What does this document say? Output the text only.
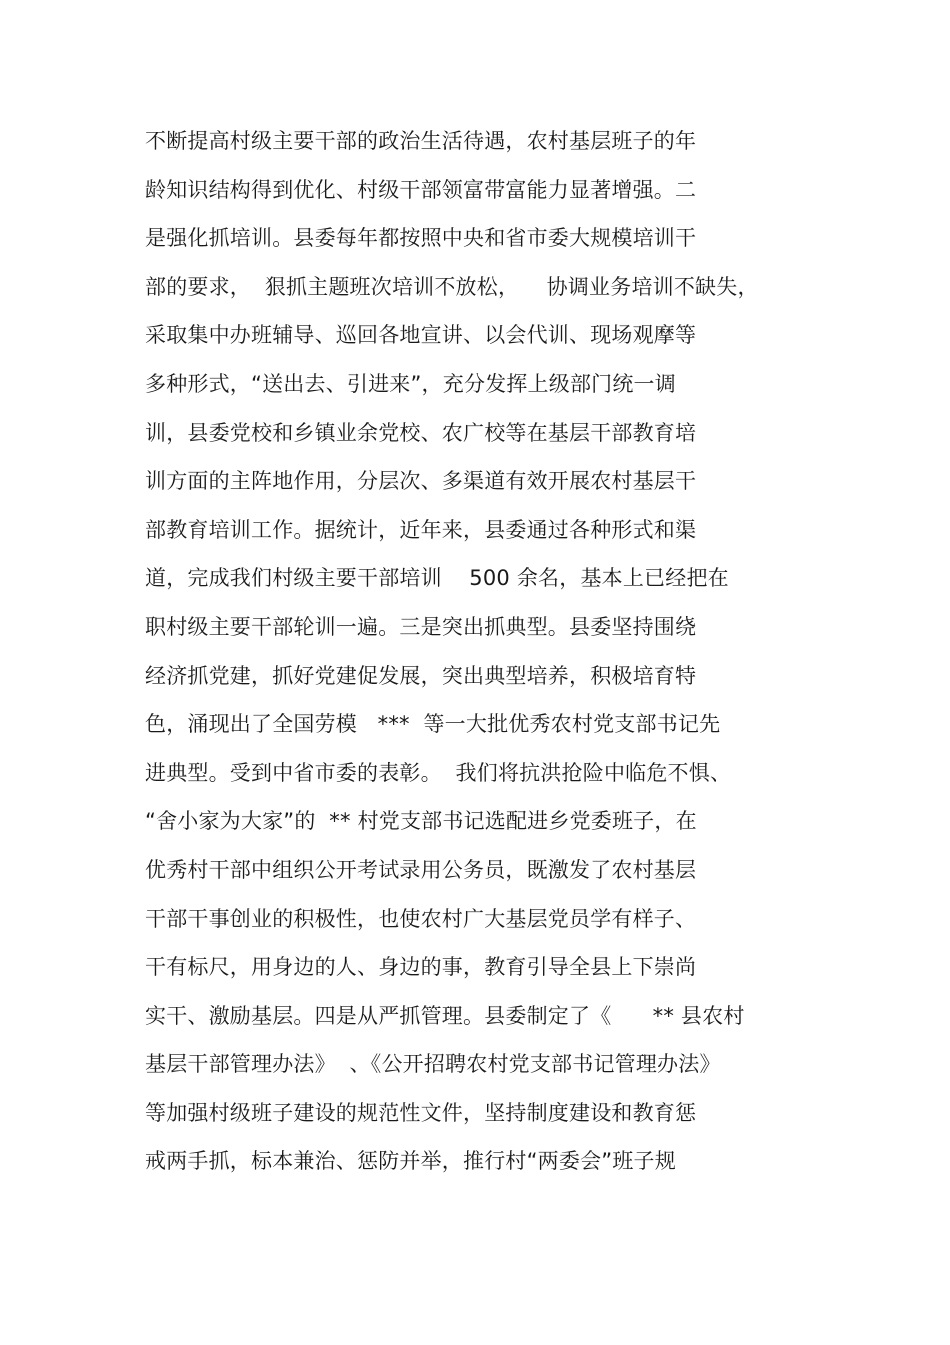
不断提高村级主要干部的政治生活待遇，农村基层班子的年
龄知识结构得到优化、村级干部领富带富能力显著增强。二
是强化抓培训。县委每年都按照中央和省市委大规模培训干
部的要求，  狠抓主题班次培训不放松，    协调业务培训不缺失，
采取集中办班辅导、巡回各地宣讲、以会代训、现场观摩等
多种形式，“送出去、引进来”，充分发挥上级部门统一调
训，县委党校和乡镇业余党校、农广校等在基层干部教育培
训方面的主阵地作用，分层次、多渠道有效开展农村基层干
部教育培训工作。据统计，近年来，县委通过各种形式和渠
道，完成我们村级主要干部培训    500 余名，基本上已经把在
职村级主要干部轮训一遍。三是突出抓典型。县委坚持围绕
经济抓党建，抓好党建促发展，突出典型培养，积极培育特
色，涌现出了全国劳模   ***  等一大批优秀农村党支部书记先
进典型。受到中省市委的表彰。  我们将抗洪抢险中临危不惧、
“舍小家为大家”的  ** 村党支部书记选配进乡党委班子，在
优秀村干部中组织公开考试录用公务员，既激发了农村基层
干部干事创业的积极性，也使农村广大基层党员学有样子、
干有标尺，用身边的人、身边的事，教育引导全县上下崇尚
实干、激励基层。四是从严抓管理。县委制定了《      ** 县农村
基层干部管理办法》  、《公开招聘农村党支部书记管理办法》
等加强村级班子建设的规范性文件，坚持制度建设和教育惩
戒两手抓，标本兼治、惩防并举，推行村“两委会”班子规
